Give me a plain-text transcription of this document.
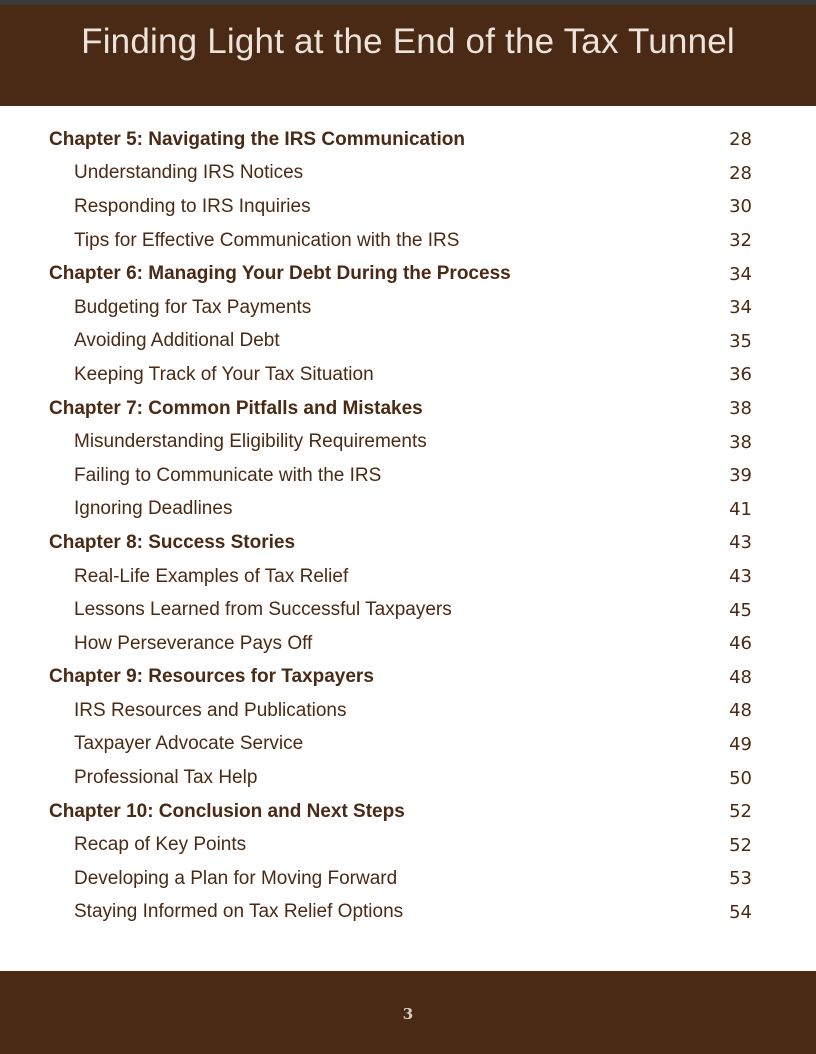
Finding Light at the End of the Tax Tunnel
Chapter 5: Navigating the IRS Communication	28
Understanding IRS Notices	28
Responding to IRS Inquiries	30
Tips for Effective Communication with the IRS	32
Chapter 6: Managing Your Debt During the Process	34
Budgeting for Tax Payments	34
Avoiding Additional Debt	35
Keeping Track of Your Tax Situation	36
Chapter 7: Common Pitfalls and Mistakes	38
Misunderstanding Eligibility Requirements	38
Failing to Communicate with the IRS	39
Ignoring Deadlines	41
Chapter 8: Success Stories	43
Real-Life Examples of Tax Relief	43
Lessons Learned from Successful Taxpayers	45
How Perseverance Pays Off	46
Chapter 9: Resources for Taxpayers	48
IRS Resources and Publications	48
Taxpayer Advocate Service	49
Professional Tax Help	50
Chapter 10: Conclusion and Next Steps	52
Recap of Key Points	52
Developing a Plan for Moving Forward	53
Staying Informed on Tax Relief Options	54
3
